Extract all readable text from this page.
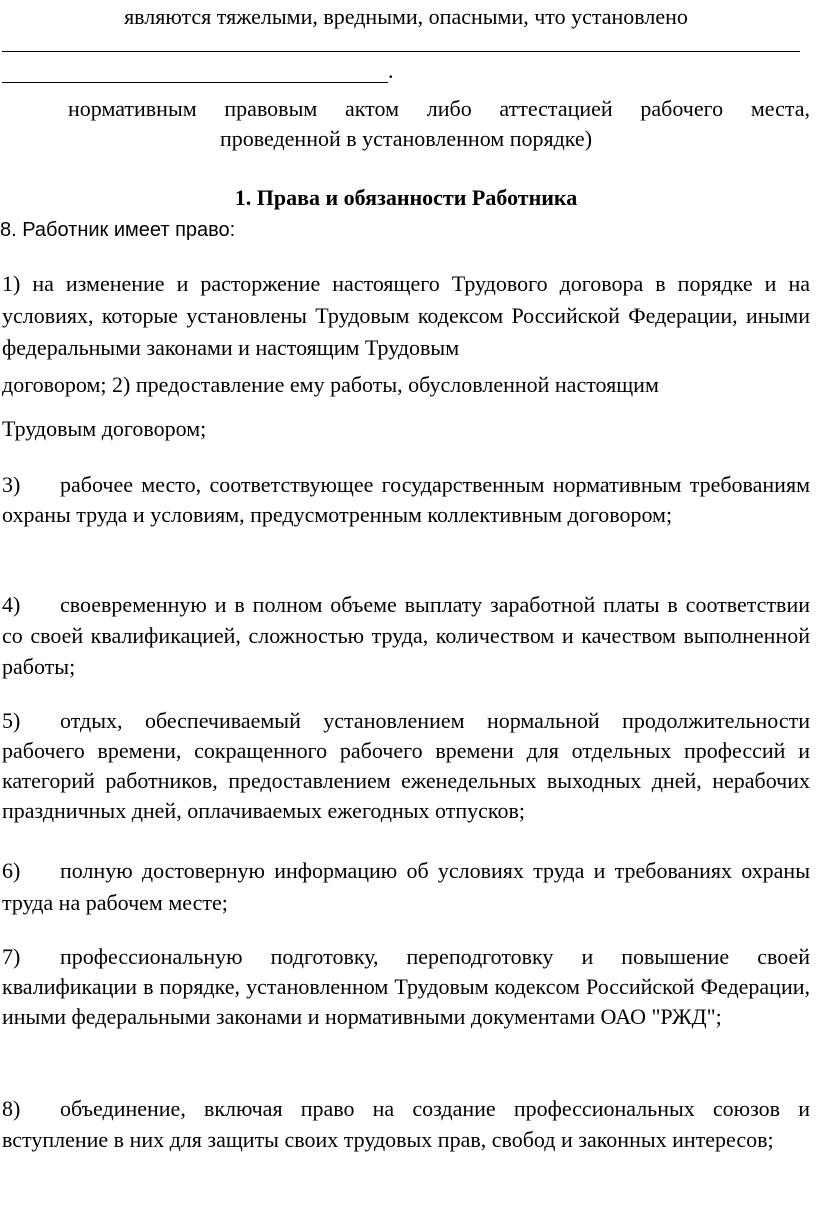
являются тяжелыми, вредными, опасными, что установлено
.
нормативным правовым актом либо аттестацией рабочего места,
проведенной в установленном порядке)
1. Права и обязанности Работника
8. Работник имеет право:
1) на изменение и расторжение настоящего Трудового договора в порядке и на условиях, которые установлены Трудовым кодексом Российской Федерации, иными федеральными законами и настоящим Трудовым
договором; 2) предоставление ему работы, обусловленной настоящим
Трудовым договором;
3) рабочее место, соответствующее государственным нормативным требованиям охраны труда и условиям, предусмотренным коллективным договором;
4) своевременную и в полном объеме выплату заработной платы в соответствии со своей квалификацией, сложностью труда, количеством и качеством выполненной работы;
5) отдых, обеспечиваемый установлением нормальной продолжительности рабочего времени, сокращенного рабочего времени для отдельных профессий и категорий работников, предоставлением еженедельных выходных дней, нерабочих праздничных дней, оплачиваемых ежегодных отпусков;
6) полную достоверную информацию об условиях труда и требованиях охраны труда на рабочем месте;
7) профессиональную подготовку, переподготовку и повышение своей квалификации в порядке, установленном Трудовым кодексом Российской Федерации, иными федеральными законами и нормативными документами ОАО "РЖД";
8) объединение, включая право на создание профессиональных союзов и вступление в них для защиты своих трудовых прав, свобод и законных интересов;
